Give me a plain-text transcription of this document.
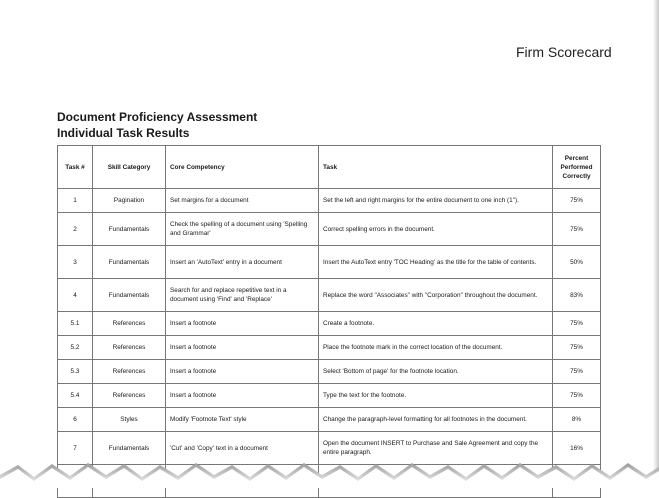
Firm Scorecard
Document Proficiency Assessment
Individual Task Results
Task #	Skill Category	Core Competency	Task	Percent Performed Correctly
1	Pagination	Set margins for a document	Set the left and right margins for the entire document to one inch (1").	75%
2	Fundamentals	Check the spelling of a document using 'Spelling and Grammar'	Correct spelling errors in the document.	75%
3	Fundamentals	Insert an 'AutoText' entry in a document	Insert the AutoText entry 'TOC Heading' as the title for the table of contents.	50%
4	Fundamentals	Search for and replace repetitive text in a document using 'Find' and 'Replace'	Replace the word "Associates" with "Corporation" throughout the document.	83%
5.1	References	Insert a footnote	Create a footnote.	75%
5.2	References	Insert a footnote	Place the footnote mark in the correct location of the document.	75%
5.3	References	Insert a footnote	Select 'Bottom of page' for the footnote location.	75%
5.4	References	Insert a footnote	Type the text for the footnote.	75%
6	Styles	Modify 'Footnote Text' style	Change the paragraph-level formatting for all footnotes in the document.	8%
7	Fundamentals	'Cut' and 'Copy' text in a document	Open the document INSERT to Purchase and Sale Agreement and copy the entire paragraph.	16%
